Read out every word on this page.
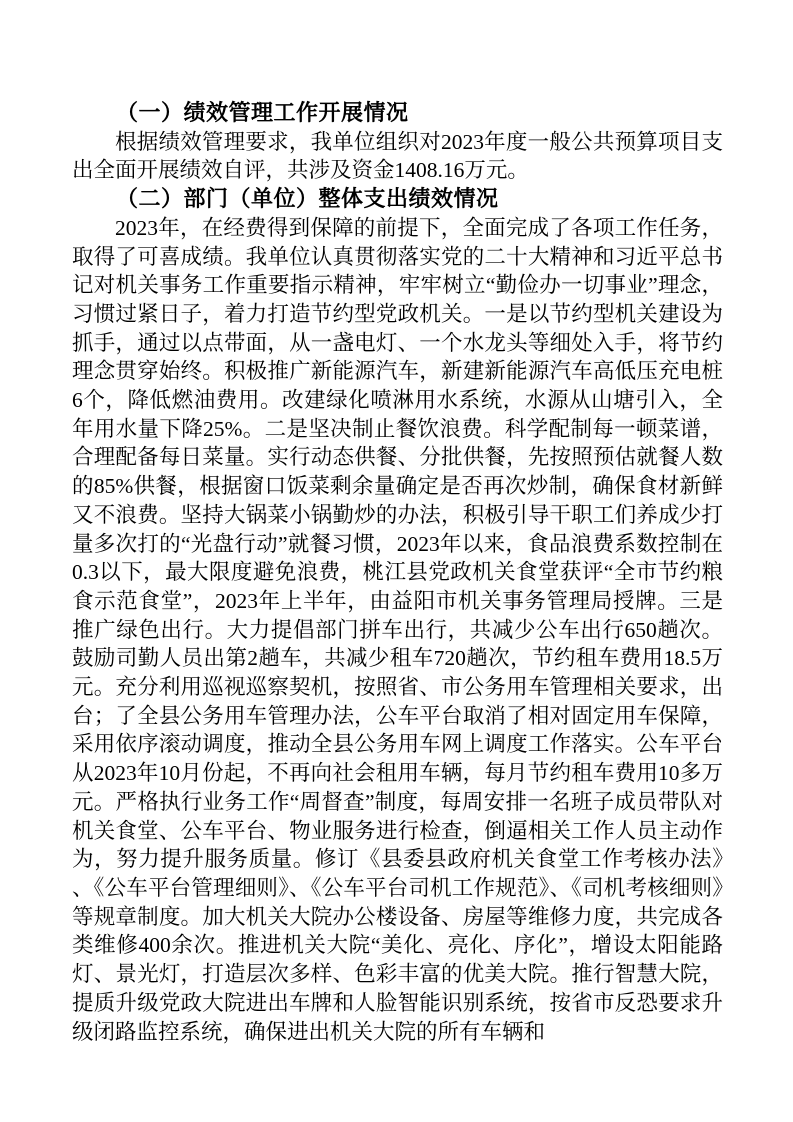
（一）绩效管理工作开展情况

根据绩效管理要求，我单位组织对2023年度一般公共预算项目支出全面开展绩效自评，共涉及资金1408.16万元。

（二）部门（单位）整体支出绩效情况

2023年，在经费得到保障的前提下，全面完成了各项工作任务，取得了可喜成绩。我单位认真贯彻落实党的二十大精神和习近平总书记对机关事务工作重要指示精神，牢牢树立“勤俭办一切事业”理念，习惯过紧日子，着力打造节约型党政机关。一是以节约型机关建设为抓手，通过以点带面，从一盏电灯、一个水龙头等细处入手，将节约理念贯穿始终。积极推广新能源汽车，新建新能源汽车高低压充电桩6个，降低燃油费用。改建绿化喷淋用水系统，水源从山塘引入，全年用水量下降25%。二是坚决制止餐饮浪费。科学配制每一顿菜谱，合理配备每日菜量。实行动态供餐、分批供餐，先按照预估就餐人数的85%供餐，根据窗口饭菜剩余量确定是否再次炒制，确保食材新鲜又不浪费。坚持大锅菜小锅勤炒的办法，积极引导干职工们养成少打量多次打的“光盘行动”就餐习惯，2023年以来，食品浪费系数控制在0.3以下，最大限度避免浪费，桃江县党政机关食堂获评“全市节约粮食示范食堂”，2023年上半年，由益阳市机关事务管理局授牌。三是推广绿色出行。大力提倡部门拼车出行，共减少公车出行650趟次。鼓励司勤人员出第2趟车，共减少租车720趟次，节约租车费用18.5万元。充分利用巡视巡察契机，按照省、市公务用车管理相关要求，出台；了全县公务用车管理办法，公车平台取消了相对固定用车保障，采用依序滚动调度，推动全县公务用车网上调度工作落实。公车平台从2023年10月份起，不再向社会租用车辆，每月节约租车费用10多万元。严格执行业务工作“周督查”制度，每周安排一名班子成员带队对机关食堂、公车平台、物业服务进行检查，倒逼相关工作人员主动作为，努力提升服务质量。修订《县委县政府机关食堂工作考核办法》、《公车平台管理细则》、《公车平台司机工作规范》、《司机考核细则》等规章制度。加大机关大院办公楼设备、房屋等维修力度，共完成各类维修400余次。推进机关大院“美化、亮化、序化”，增设太阳能路灯、景光灯，打造层次多样、色彩丰富的优美大院。推行智慧大院，提质升级党政大院进出车牌和人脸智能识别系统，按省市反恐要求升级闭路监控系统，确保进出机关大院的所有车辆和
